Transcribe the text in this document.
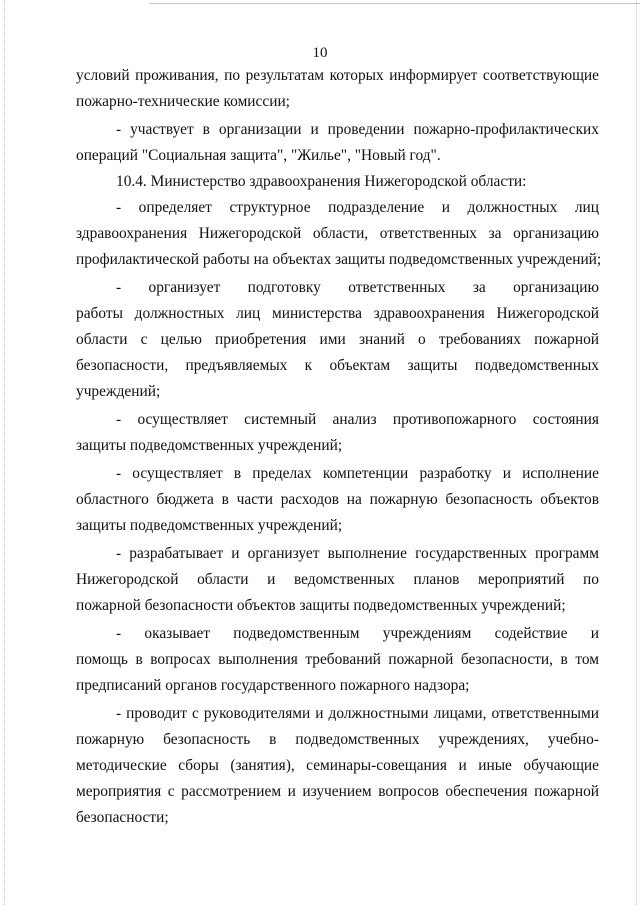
10
условий проживания, по результатам которых информирует соответствующие
пожарно-технические комиссии;
- участвует в организации и проведении пожарно-профилактических
операций "Социальная защита", "Жилье", "Новый год".
10.4. Министерство здравоохранения Нижегородской области:
- определяет структурное подразделение и должностных лиц
здравоохранения Нижегородской области, ответственных за организацию
профилактической работы на объектах защиты подведомственных учреждений;
- организует подготовку ответственных за организацию
работы должностных лиц министерства здравоохранения Нижегородской
области с целью приобретения ими знаний о требованиях пожарной
безопасности, предъявляемых к объектам защиты подведомственных
учреждений;
- осуществляет системный анализ противопожарного состояния
защиты подведомственных учреждений;
- осуществляет в пределах компетенции разработку и исполнение
областного бюджета в части расходов на пожарную безопасность объектов
защиты подведомственных учреждений;
- разрабатывает и организует выполнение государственных программ
Нижегородской области и ведомственных планов мероприятий по
пожарной безопасности объектов защиты подведомственных учреждений;
- оказывает подведомственным учреждениям содействие и
помощь в вопросах выполнения требований пожарной безопасности, в том
предписаний органов государственного пожарного надзора;
- проводит с руководителями и должностными лицами, ответственными
пожарную безопасность в подведомственных учреждениях, учебно-
методические сборы (занятия), семинары-совещания и иные обучающие
мероприятия с рассмотрением и изучением вопросов обеспечения пожарной
безопасности;
